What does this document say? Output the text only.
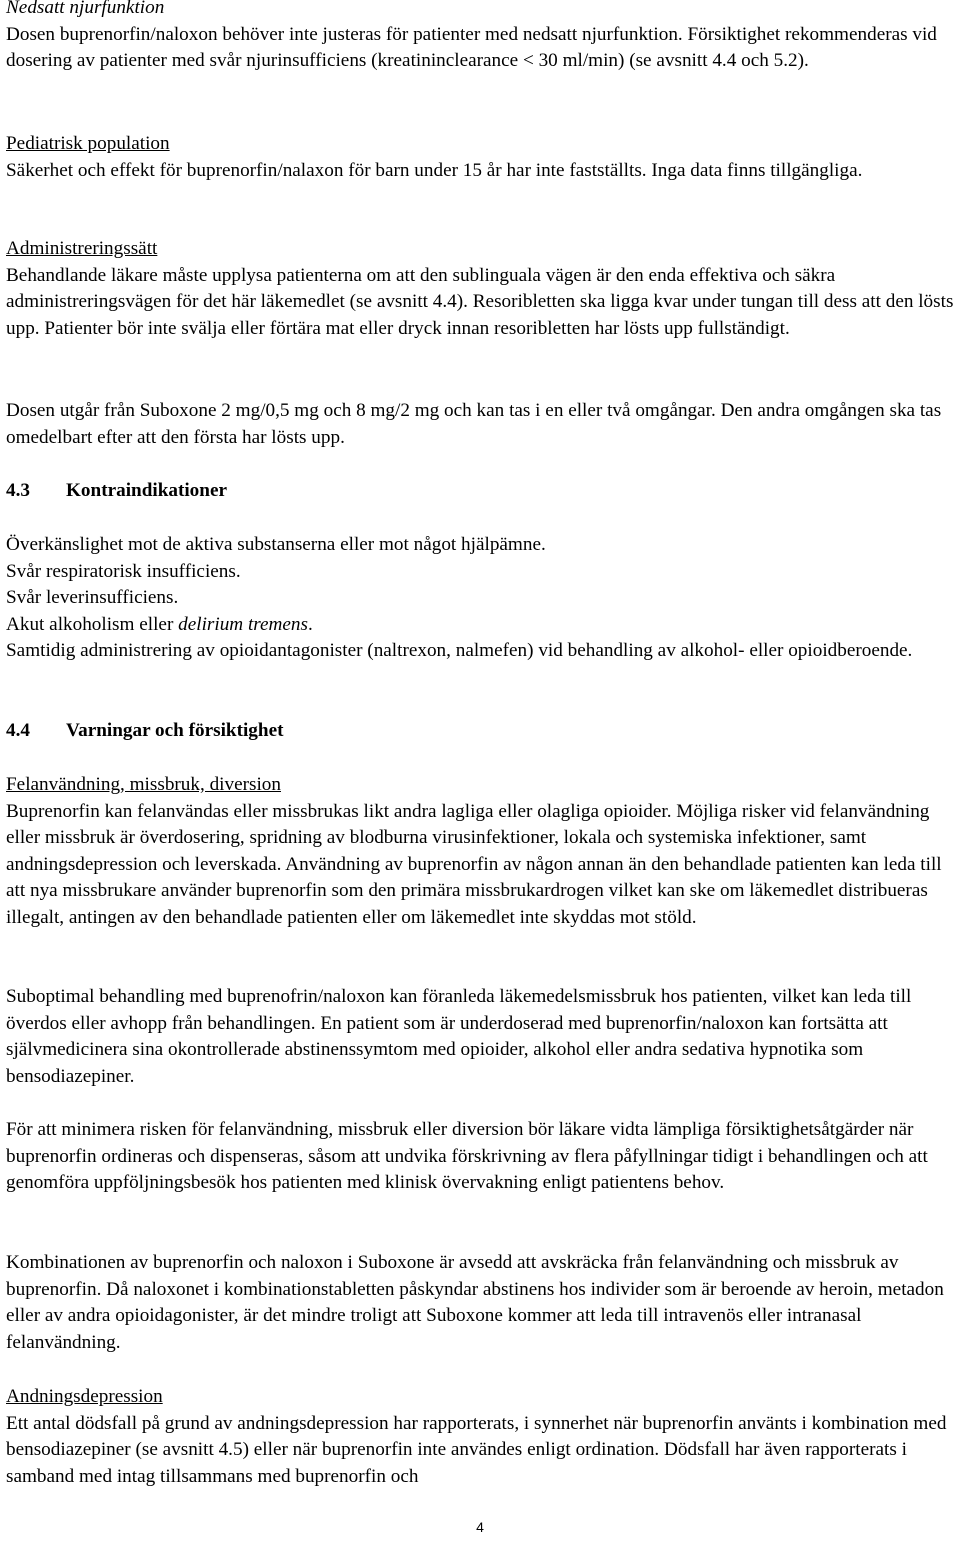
Nedsatt njurfunktion
Dosen buprenorfin/naloxon behöver inte justeras för patienter med nedsatt njurfunktion. Försiktighet rekommenderas vid dosering av patienter med svår njurinsufficiens (kreatininclearance < 30 ml/min) (se avsnitt 4.4 och 5.2).
Pediatrisk population
Säkerhet och effekt för buprenorfin/nalaxon för barn under 15 år har inte fastställts. Inga data finns tillgängliga.
Administreringssätt
Behandlande läkare måste upplysa patienterna om att den sublinguala vägen är den enda effektiva och säkra administreringsvägen för det här läkemedlet (se avsnitt 4.4). Resoribletten ska ligga kvar under tungan till dess att den lösts upp. Patienter bör inte svälja eller förtära mat eller dryck innan resoribletten har lösts upp fullständigt.
Dosen utgår från Suboxone 2 mg/0,5 mg och 8 mg/2 mg och kan tas i en eller två omgångar. Den andra omgången ska tas omedelbart efter att den första har lösts upp.
4.3 Kontraindikationer
Överkänslighet mot de aktiva substanserna eller mot något hjälpämne.
Svår respiratorisk insufficiens.
Svår leverinsufficiens.
Akut alkoholism eller delirium tremens.
Samtidig administrering av opioidantagonister (naltrexon, nalmefen) vid behandling av alkohol- eller opioidberoende.
4.4 Varningar och försiktighet
Felanvändning, missbruk, diversion
Buprenorfin kan felanvändas eller missbrukas likt andra lagliga eller olagliga opioider. Möjliga risker vid felanvändning eller missbruk är överdosering, spridning av blodburna virusinfektioner, lokala och systemiska infektioner, samt andningsdepression och leverskada. Användning av buprenorfin av någon annan än den behandlade patienten kan leda till att nya missbrukare använder buprenorfin som den primära missbrukardrogen vilket kan ske om läkemedlet distribueras illegalt, antingen av den behandlade patienten eller om läkemedlet inte skyddas mot stöld.
Suboptimal behandling med buprenofrin/naloxon kan föranleda läkemedelsmissbruk hos patienten, vilket kan leda till överdos eller avhopp från behandlingen. En patient som är underdoserad med buprenorfin/naloxon kan fortsätta att självmedicinera sina okontrollerade abstinenssymtom med opioider, alkohol eller andra sedativa hypnotika som bensodiazepiner.
För att minimera risken för felanvändning, missbruk eller diversion bör läkare vidta lämpliga försiktighetsåtgärder när buprenorfin ordineras och dispenseras, såsom att undvika förskrivning av flera påfyllningar tidigt i behandlingen och att genomföra uppföljningsbesök hos patienten med klinisk övervakning enligt patientens behov.
Kombinationen av buprenorfin och naloxon i Suboxone är avsedd att avskräcka från felanvändning och missbruk av buprenorfin. Då naloxonet i kombinationstabletten påskyndar abstinens hos individer som är beroende av heroin, metadon eller av andra opioidagonister, är det mindre troligt att Suboxone kommer att leda till intravenös eller intranasal felanvändning.
Andningsdepression
Ett antal dödsfall på grund av andningsdepression har rapporterats, i synnerhet när buprenorfin använts i kombination med bensodiazepiner (se avsnitt 4.5) eller när buprenorfin inte användes enligt ordination. Dödsfall har även rapporterats i samband med intag tillsammans med buprenorfin och
4
